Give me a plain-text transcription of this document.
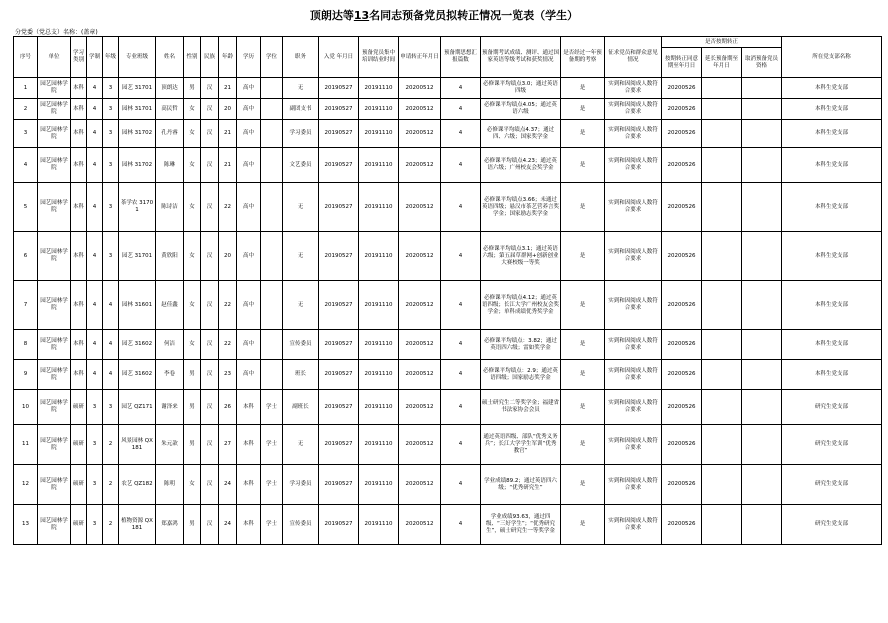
顶朗达等13名同志预备党员拟转正情况一览表（学生）
分党委（党总支）名称：(盖章)
序号	单位	学习类别	学制	年级	专业班级	姓名	性别	民族	年龄	学历	学位	职务	入党 年月日	预备党员集中培训结业时间	申请转正年月日	预备期思想汇报篇数	预备期考试成绩、测评、通过国家英语等级考试和获奖情况	是否经过一年预备期的考察	征求党员和群众意见情况	是否按期转正			所在党支部名称
																				按期转正同意期至年月日	延长预备期至年月日	取消预备党员资格	
1	园艺园林学院	本科	4	3	园艺 31701	顶朗达	男	汉	21	高中		无	20190527	20191110	20200512	4	必修课平均绩点3.0；通过英语四级	是	实到和因阅成人数符合要求	20200526			本科生党支部
2	园艺园林学院	本科	4	3	园林 31701	高民哲	女	汉	20	高中		副团支书	20190527	20191110	20200512	4	必修课平均绩点4.05；通过英语六级	是	实到和因阅成人数符合要求	20200526			本科生党支部
3	园艺园林学院	本科	4	3	园林 31702	孔丹睿	女	汉	21	高中		学习委员	20190527	20191110	20200512	4	必修课平均绩点4.37；通过四、六级；国家奖学金	是	实到和因阅成人数符合要求	20200526			本科生党支部
4	园艺园林学院	本科	4	3	园林 31702	陈琳	女	汉	21	高中		文艺委员	20190527	20191110	20200512	4	必修课平均绩点4.23；通过英语六级；广州校友会奖学金	是	实到和因阅成人数符合要求	20200526			本科生党支部
5	园艺园林学院	本科	4	3	茶学农 31701	陈诗洁	女	汉	22	高中		无	20190527	20191110	20200512	4	必修课平均绩点3.66；未通过英语四级；悬汉市茶艺营养言奖学金；国家励志奖学金	是	实到和因阅成人数符合要求	20200526			本科生党支部
6	园艺园林学院	本科	4	3	园艺 31701	黄欣阳	女	汉	20	高中		无	20190527	20191110	20200512	4	必修课平均绩点3.1；通过英语六级；第五届草群网+创新创业大赛校级一等奖	是	实到和因阅成人数符合要求	20200526			本科生党支部
7	园艺园林学院	本科	4	4	园林 31601	赵佳鑫	女	汉	22	高中		无	20190527	20191110	20200512	4	必修课平均绩点4.12；通过英语四级；长江大学广州校友会奖学金；单科成绩优秀奖学金	是	实到和因阅成人数符合要求	20200526			本科生党支部
8	园艺园林学院	本科	4	4	园艺 31602	何洁	女	汉	22	高中		宣传委员	20190527	20191110	20200512	4	必修课平均绩点：3.82；通过英语四六级；雷如奖学金	是	实到和因阅成人数符合要求	20200526			本科生党支部
9	园艺园林学院	本科	4	4	园艺 31602	李卷	男	汉	23	高中		班长	20190527	20191110	20200512	4	必修课平均绩点：2.9；通过英语四级；国家励志奖学金	是	实到和因阅成人数符合要求	20200526			本科生党支部
10	园艺园林学院	硕研	3	3	园艺 QZ171	谢泽来	男	汉	26	本科	学士	副班长	20190527	20191110	20200512	4	硕士研究生二等奖学金；福建省书法家协会会员	是	实到和因阅成人数符合要求	20200526			研究生党支部
11	园艺园林学院	硕研	3	2	风景园林 QX181	朱元歆	男	汉	27	本科	学士	无	20190527	20191110	20200512	4	通过英语四级、部队“优秀义务兵”；长江大学学生军训“优秀教官”	是	实到和因阅成人数符合要求	20200526			研究生党支部
12	园艺园林学院	硕研	3	2	农艺 QZ182	陈明	女	汉	24	本科	学士	学习委员	20190527	20191110	20200512	4	学业成绩89.2；通过英语四六级；“优秀研究生”	是	实到和因阅成人数符合要求	20200526			研究生党支部
13	园艺园林学院	硕研	3	2	植物资源 QX181	郑嘉鸿	男	汉	24	本科	学士	宣传委员	20190527	20191110	20200512	4	学业成绩93.63，通过四级、“三好学生”；“优秀研究生”，硕士研究生一等奖学金	是	实到和因阅成人数符合要求	20200526			研究生党支部
